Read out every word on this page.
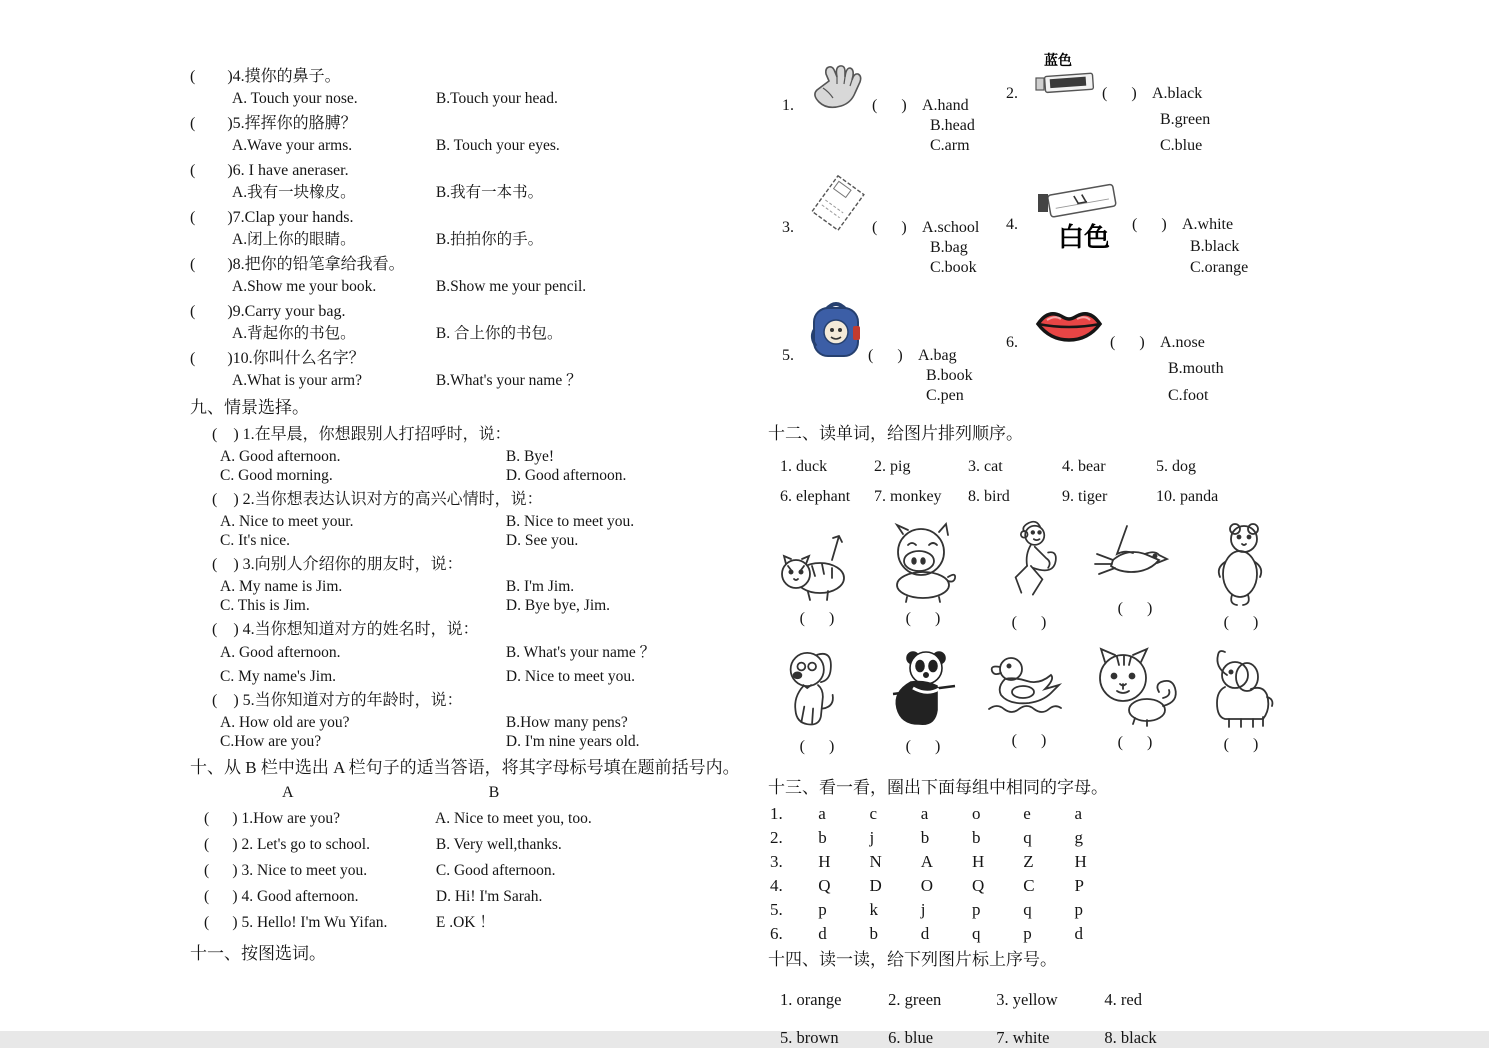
(        )4.摸你的鼻子。
A. Touch your nose.	B.Touch your head.
(        )5.挥挥你的胳膊？
A.Wave your arms.	B. Touch your eyes.
(        )6. I have aneraser.
A.我有一块橡皮。	B.我有一本书。
(        )7.Clap your hands.
A.闭上你的眼睛。	B.拍拍你的手。
(        )8.把你的铅笔拿给我看。
A.Show me your book.	B.Show me your pencil.
(        )9.Carry your bag.
A.背起你的书包。	B. 合上你的书包。
(        )10.你叫什么名字？
A.What is your arm?	B.What's your name ？
九、情景选择。
(    ) 1.在早晨，你想跟别人打招呼时，说：
A. Good afternoon.	B. Bye!
C. Good morning.	D. Good afternoon.
(    ) 2.当你想表达认识对方的高兴心情时，说：
A. Nice to meet your.	B. Nice to meet you.
C. It's nice.	D. See you.
(    ) 3.向别人介绍你的朋友时，说：
A. My name is Jim.	B. I'm Jim.
C. This is Jim.	D. Bye bye, Jim.
(    ) 4.当你想知道对方的姓名时，说：
A. Good afternoon.	B. What's your name ？
C. My name's Jim.	D. Nice to meet you.
(    ) 5.当你知道对方的年龄时，说：
A. How old are you?	B.How many pens?
C.How are you?	D. I'm nine years old.
十、从 B 栏中选出 A 栏句子的适当答语，将其字母标号填在题前括号内。
A	B
(      ) 1.How are you?	A. Nice to meet you, too.
(      ) 2. Let's go to school.	B. Very well,thanks.
(      ) 3. Nice to meet you.	C. Good afternoon.
(      ) 4. Good afternoon.	D. Hi! I'm Sarah.
(      ) 5. Hello! I'm Wu Yifan.	E .OK ！
十一、按图选词。
1.	(      ) A.hand
B.head
C.arm
2.
蓝色
(      ) A.black
B.green
C.blue
3.	(      ) A.school
B.bag
C.book
4.	白色 (      ) A.white
B.black
C.orange
5.	(      ) A.bag
B.book
C.pen
6.	(      ) A.nose
B.mouth
C.foot
十二、读单词，给图片排列顺序。
1. duck	2. pig	3. cat	4. bear	5. dog
6. elephant 7. monkey 8. bird	9. tiger	10. panda
(      )	(      )	(      )
(      )
(      )
(      )	(      )	(      )	(      )	(      )
十三、看一看，圈出下面每组中相同的字母。
1. a	c	a	o	e	a
2. b	j	b	b	q	g
3. H N A H Z H
4. Q D O Q C P
5. p	k	j	p	q	p
6. d	b	d	q	p	d
十四、读一读，给下列图片标上序号。
1. orange	2. green	3. yellow	4. red
5. brown	6. blue	7. white	8. black
